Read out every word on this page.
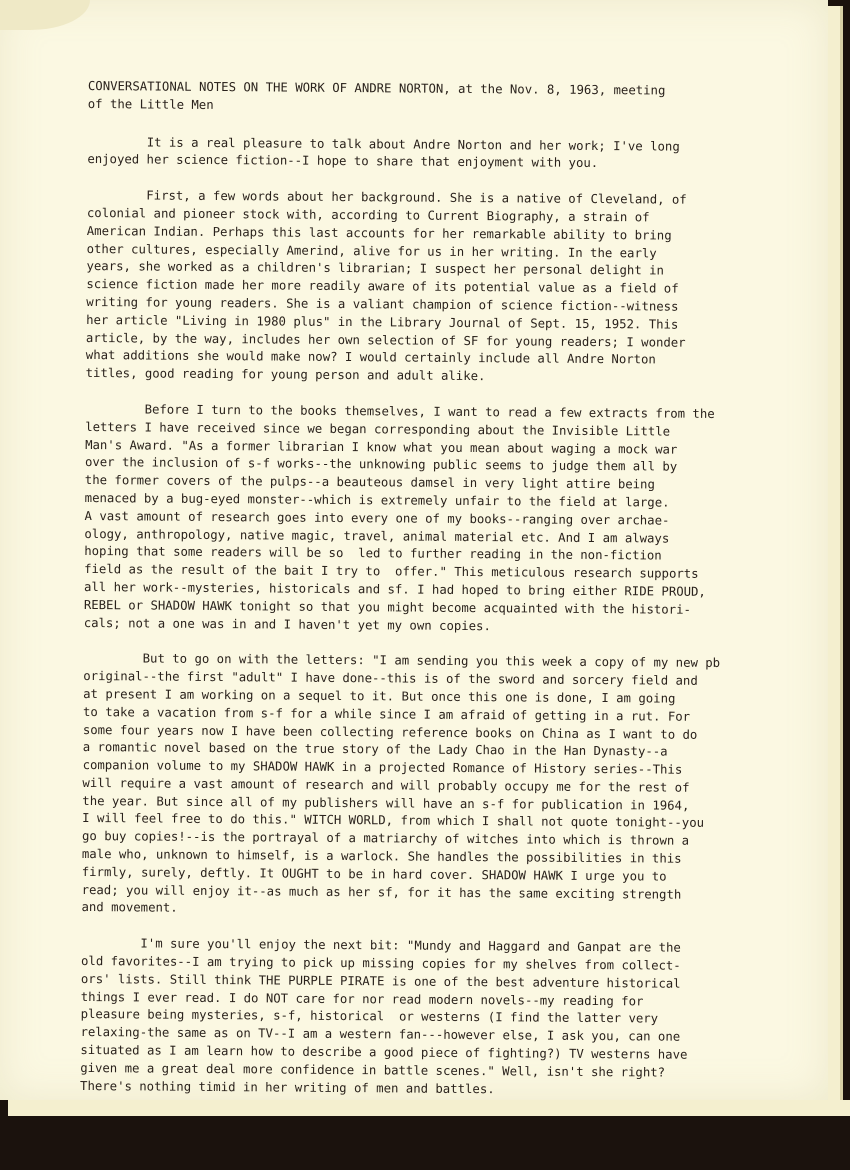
CONVERSATIONAL NOTES ON THE WORK OF ANDRE NORTON, at the Nov. 8, 1963, meeting
of the Little Men
It is a real pleasure to talk about Andre Norton and her work; I've long
enjoyed her science fiction--I hope to share that enjoyment with you.
First, a few words about her background. She is a native of Cleveland, of
colonial and pioneer stock with, according to Current Biography, a strain of
American Indian. Perhaps this last accounts for her remarkable ability to bring
other cultures, especially Amerind, alive for us in her writing. In the early
years, she worked as a children's librarian; I suspect her personal delight in
science fiction made her more readily aware of its potential value as a field of
writing for young readers. She is a valiant champion of science fiction--witness
her article "Living in 1980 plus" in the Library Journal of Sept. 15, 1952. This
article, by the way, includes her own selection of SF for young readers; I wonder
what additions she would make now? I would certainly include all Andre Norton
titles, good reading for young person and adult alike.
Before I turn to the books themselves, I want to read a few extracts from the
letters I have received since we began corresponding about the Invisible Little
Man's Award. "As a former librarian I know what you mean about waging a mock war
over the inclusion of s-f works--the unknowing public seems to judge them all by
the former covers of the pulps--a beauteous damsel in very light attire being
menaced by a bug-eyed monster--which is extremely unfair to the field at large.
A vast amount of research goes into every one of my books--ranging over archae-
ology, anthropology, native magic, travel, animal material etc. And I am always
hoping that some readers will be so  led to further reading in the non-fiction
field as the result of the bait I try to  offer." This meticulous research supports
all her work--mysteries, historicals and sf. I had hoped to bring either RIDE PROUD,
REBEL or SHADOW HAWK tonight so that you might become acquainted with the histori-
cals; not a one was in and I haven't yet my own copies.
But to go on with the letters: "I am sending you this week a copy of my new pb
original--the first "adult" I have done--this is of the sword and sorcery field and
at present I am working on a sequel to it. But once this one is done, I am going
to take a vacation from s-f for a while since I am afraid of getting in a rut. For
some four years now I have been collecting reference books on China as I want to do
a romantic novel based on the true story of the Lady Chao in the Han Dynasty--a
companion volume to my SHADOW HAWK in a projected Romance of History series--This
will require a vast amount of research and will probably occupy me for the rest of
the year. But since all of my publishers will have an s-f for publication in 1964,
I will feel free to do this." WITCH WORLD, from which I shall not quote tonight--you
go buy copies!--is the portrayal of a matriarchy of witches into which is thrown a
male who, unknown to himself, is a warlock. She handles the possibilities in this
firmly, surely, deftly. It OUGHT to be in hard cover. SHADOW HAWK I urge you to
read; you will enjoy it--as much as her sf, for it has the same exciting strength
and movement.
I'm sure you'll enjoy the next bit: "Mundy and Haggard and Ganpat are the
old favorites--I am trying to pick up missing copies for my shelves from collect-
ors' lists. Still think THE PURPLE PIRATE is one of the best adventure historical
things I ever read. I do NOT care for nor read modern novels--my reading for
pleasure being mysteries, s-f, historical  or westerns (I find the latter very
relaxing-the same as on TV--I am a western fan---however else, I ask you, can one
situated as I am learn how to describe a good piece of fighting?) TV westerns have
given me a great deal more confidence in battle scenes." Well, isn't she right?
There's nothing timid in her writing of men and battles.
